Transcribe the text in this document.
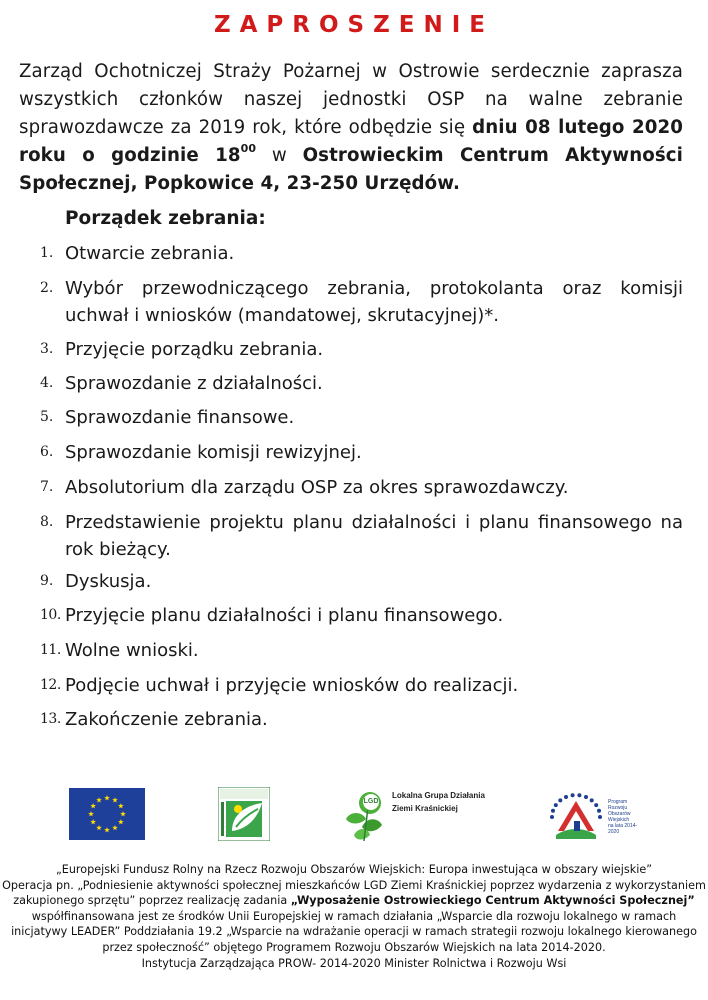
ZAPROSZENIE
Zarząd Ochotniczej Straży Pożarnej w Ostrowie serdecznie zaprasza wszystkich członków naszej jednostki OSP na walne zebranie sprawozdawcze za 2019 rok, które odbędzie się dniu 08 lutego 2020 roku o godzinie $18^{00}$ w Ostrowieckim Centrum Aktywności Społecznej, Popkowice 4, 23-250 Urzędów.
Porządek zebrania:
1. Otwarcie zebrania.
2. Wybór przewodniczącego zebrania, protokolanta oraz komisji uchwał i wniosków (mandatowej, skrutacyjnej)*.
3. Przyjęcie porządku zebrania.
4. Sprawozdanie z działalności.
5. Sprawozdanie finansowe.
6. Sprawozdanie komisji rewizyjnej.
7. Absolutorium dla zarządu OSP za okres sprawozdawczy.
8. Przedstawienie projektu planu działalności i planu finansowego na rok bieżący.
9. Dyskusja.
10. Przyjęcie planu działalności i planu finansowego.
11. Wolne wnioski.
12. Podjęcie uchwał i przyjęcie wniosków do realizacji.
13. Zakończenie zebrania.
LGD
Lokalna Grupa Działania
Ziemi Kraśnickiej
Program
Rozwoju
Obszarów
Wiejskich
na lata 2014-2020
„Europejski Fundusz Rolny na Rzecz Rozwoju Obszarów Wiejskich: Europa inwestująca w obszary wiejskie”
Operacja pn. „Podniesienie aktywności społecznej mieszkańców LGD Ziemi Kraśnickiej poprzez wydarzenia z wykorzystaniem
zakupionego sprzętu” poprzez realizację zadania „Wyposażenie Ostrowieckiego Centrum Aktywności Społecznej”
współfinansowana jest ze środków Unii Europejskiej w ramach działania „Wsparcie dla rozwoju lokalnego w ramach
inicjatywy LEADER” Poddziałania 19.2 „Wsparcie na wdrażanie operacji w ramach strategii rozwoju lokalnego kierowanego
przez społeczność” objętego Programem Rozwoju Obszarów Wiejskich na lata 2014-2020.
Instytucja Zarządzająca PROW- 2014-2020 Minister Rolnictwa i Rozwoju Wsi
